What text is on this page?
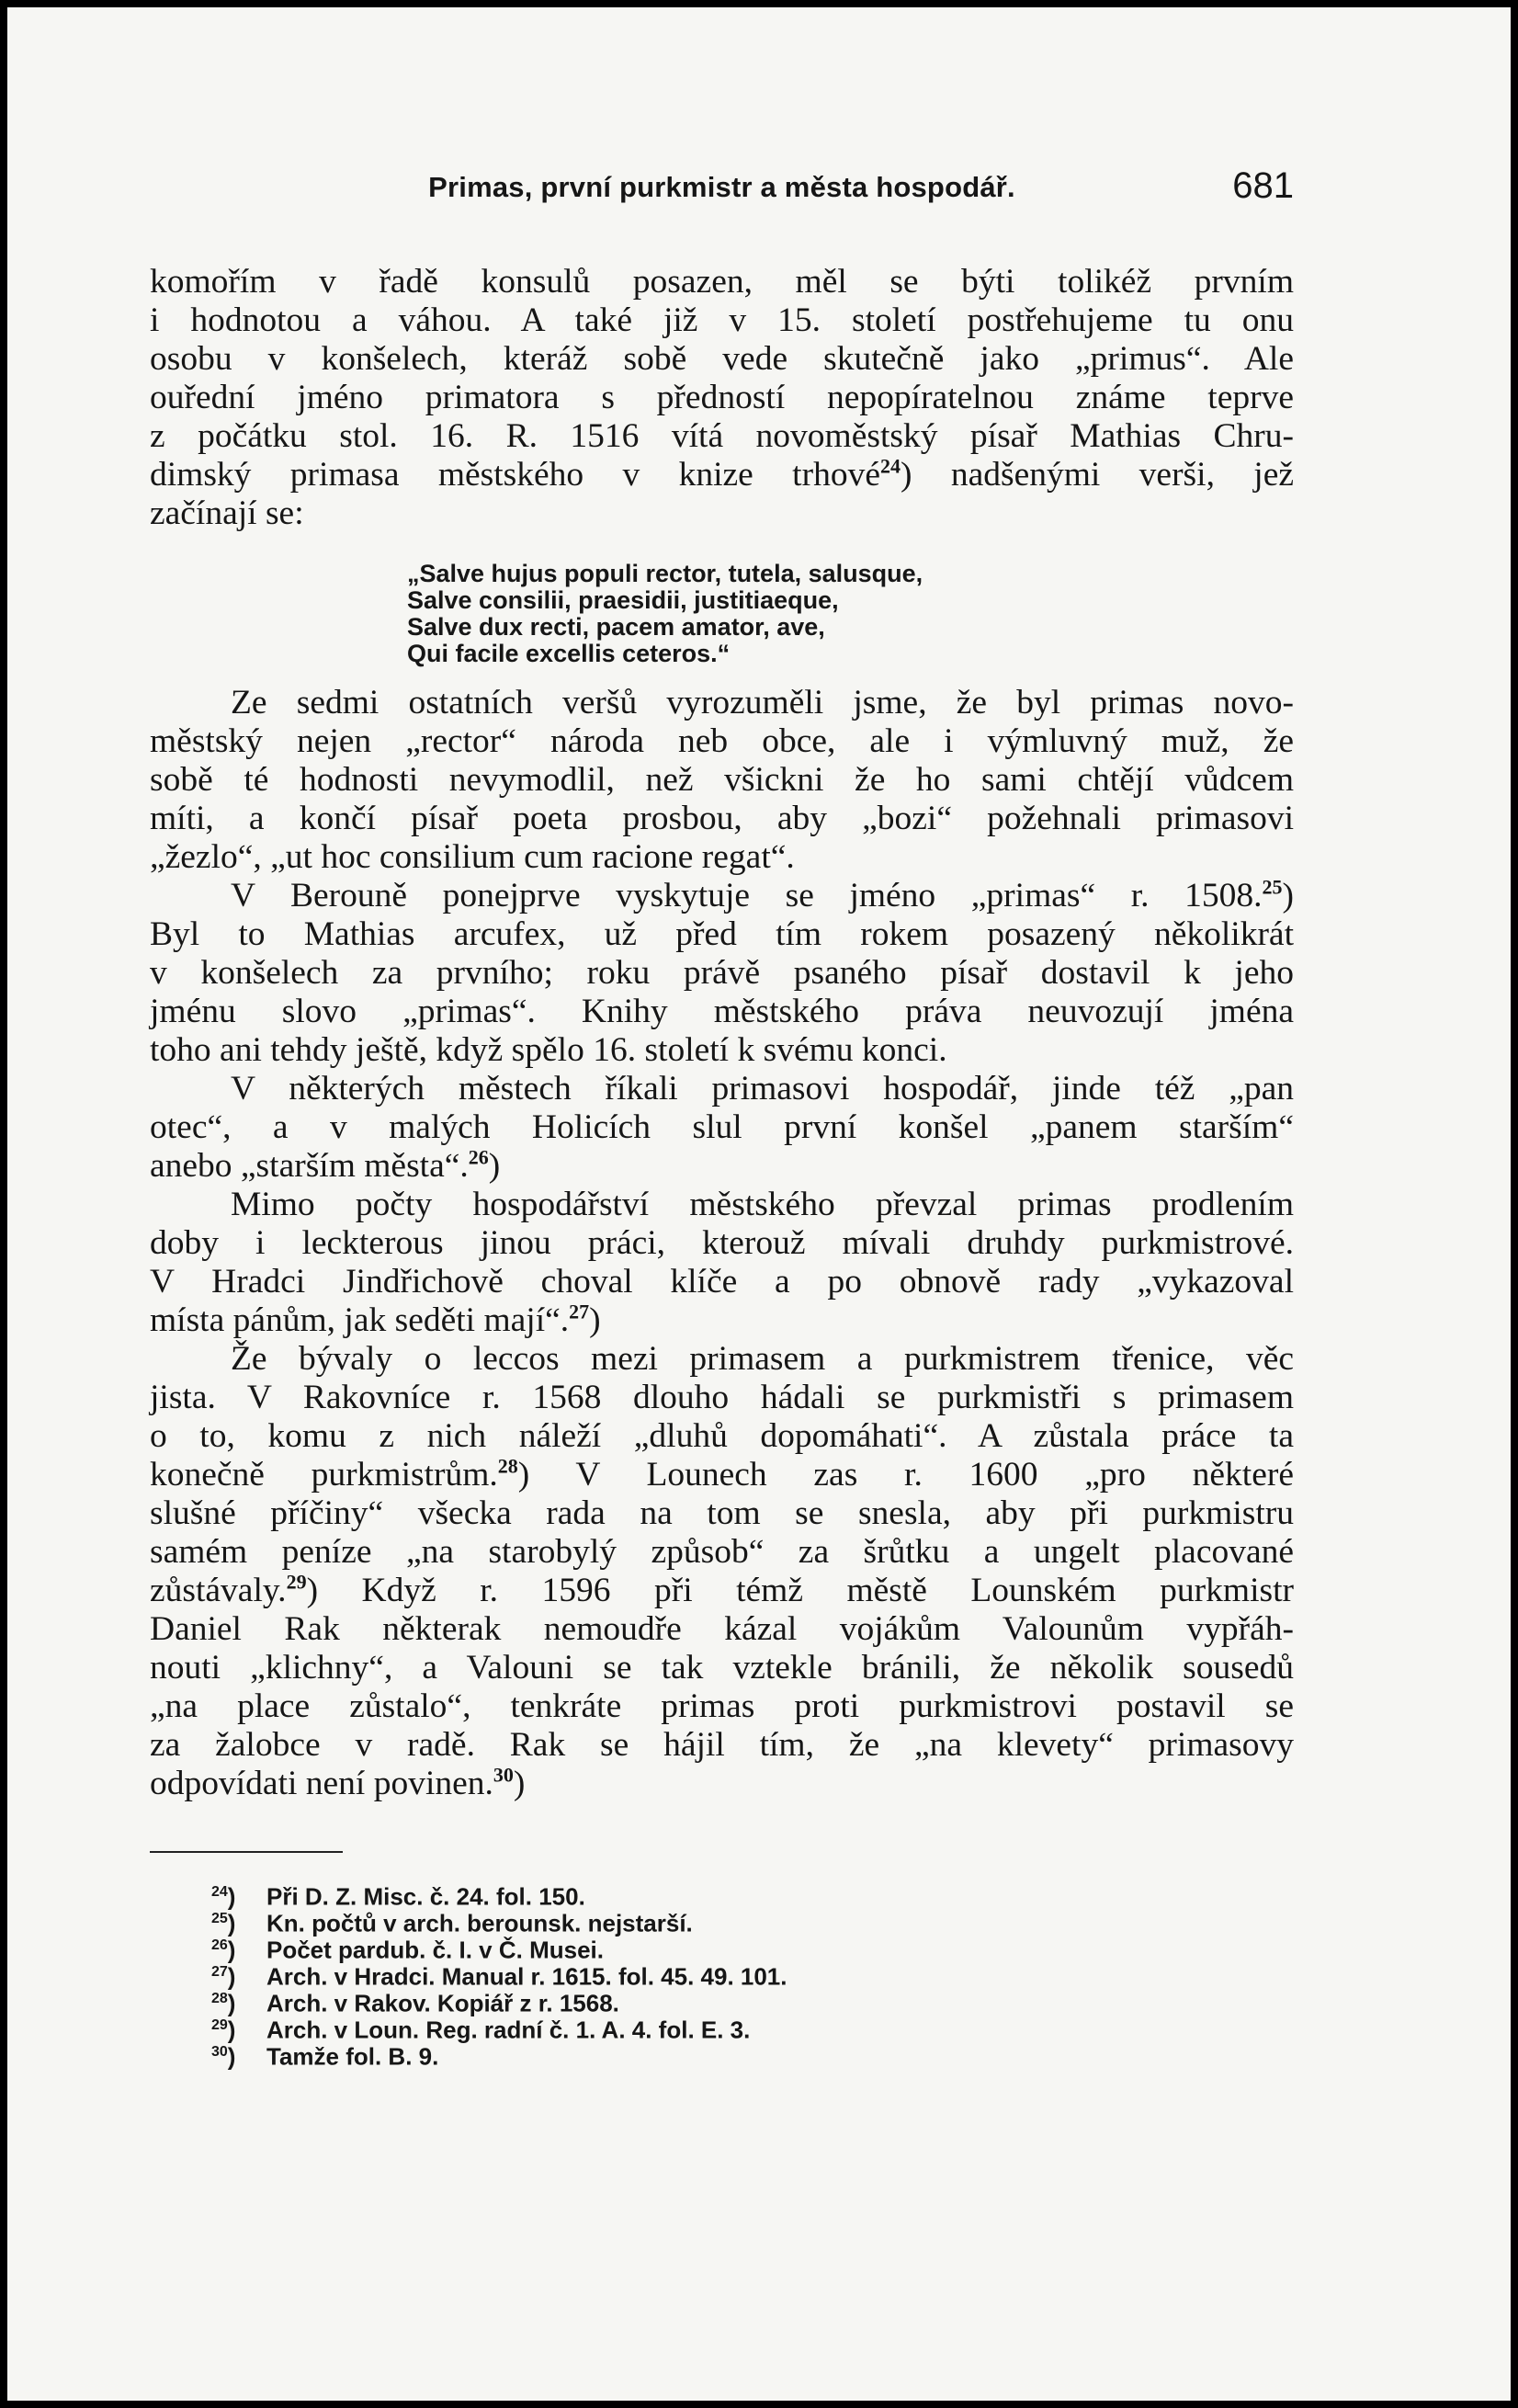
Primas, první purkmistr a města hospodář.	681
komořím v řadě konsulů posazen, měl se býti tolikéž prvním
i hodnotou a váhou. A také již v 15. století postřehujeme tu onu
osobu v konšelech, kteráž sobě vede skutečně jako „primus“. Ale
ouřední jméno primatora s předností nepopíratelnou známe teprve
z počátku stol. 16. R. 1516 vítá novoměstský písař Mathias Chru-
dimský primasa městského v knize trhové$^{24}$) nadšenými verši, jež
začínají se:
„Salve hujus populi rector, tutela, salusque,
Salve consilii, praesidii, justitiaeque,
Salve dux recti, pacem amator, ave,
Qui facile excellis ceteros.“
Ze sedmi ostatních veršů vyrozuměli jsme, že byl primas novo-
městský nejen „rector“ národa neb obce, ale i výmluvný muž, že
sobě té hodnosti nevymodlil, než všickni že ho sami chtějí vůdcem
míti, a končí písař poeta prosbou, aby „bozi“ požehnali primasovi
„žezlo“, „ut hoc consilium cum racione regat“.
V Berouně ponejprve vyskytuje se jméno „primas“ r. 1508.25)
Byl to Mathias arcufex, už před tím rokem posazený několikrát
v konšelech za prvního; roku právě psaného písař dostavil k jeho
jménu slovo „primas“. Knihy městského práva neuvozují jména
toho ani tehdy ještě, když spělo 16. století k svému konci.
V některých městech říkali primasovi hospodář, jinde též „pan
otec“, a v malých Holicích slul první konšel „panem starším“
anebo „starším města“.$^{26}$)
Mimo počty hospodářství městského převzal primas prodlením
doby i leckterous jinou práci, kterouž mívali druhdy purkmistrové.
V Hradci Jindřichově choval klíče a po obnově rady „vykazoval
místa pánům, jak seděti mají“.$^{27}$)
Že bývaly o leccos mezi primasem a purkmistrem třenice, věc
jista. V Rakovníce r. 1568 dlouho hádali se purkmistři s primasem
o to, komu z nich náleží „dluhů dopomáhati“. A zůstala práce ta
konečně purkmistrům.$^{28}$) V Lounech zas r. 1600 „pro některé
slušné příčiny“ všecka rada na tom se snesla, aby při purkmistru
samém peníze „na starobylý způsob“ za šrůtku a ungelt placované
zůstávaly.$^{29}$) Když r. 1596 při témž městě Lounském purkmistr
Daniel Rak některak nemoudře kázal vojákům Valounům vypřáh-
nouti „klichny“, a Valouni se tak vztekle bránili, že několik sousedů
„na place zůstalo“, tenkráte primas proti purkmistrovi postavil se
za žalobce v radě. Rak se hájil tím, že „na klevety“ primasovy
odpovídati není povinen.$^{30}$)
$^{24}$) Při D. Z. Misc. č. 24. fol. 150.
$^{25}$) Kn. počtů v arch. berounsk. nejstarší.
$^{26}$) Počet pardub. č. I. v Č. Musei.
$^{27}$) Arch. v Hradci. Manual r. 1615. fol. 45. 49. 101.
$^{28}$) Arch. v Rakov. Kopiář z r. 1568.
$^{29}$) Arch. v Loun. Reg. radní č. 1. A. 4. fol. E. 3.
$^{30}$) Tamže fol. B. 9.
